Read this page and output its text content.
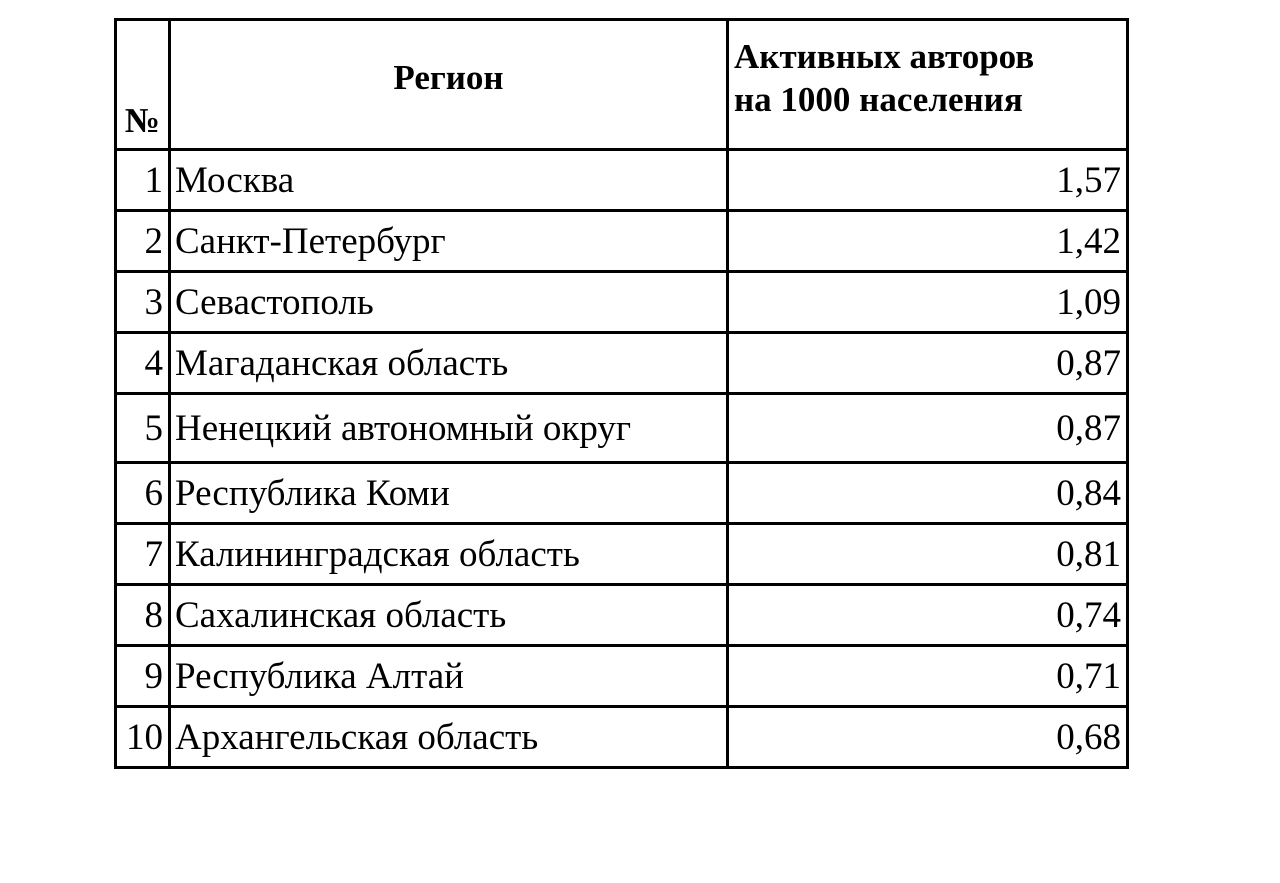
№	Регион	Активных авторов
на 1000 населения
1	Москва	1,57
2	Санкт-Петербург	1,42
3	Севастополь	1,09
4	Магаданская область	0,87
5	Ненецкий автономный округ	0,87
6	Республика Коми	0,84
7	Калининградская область	0,81
8	Сахалинская область	0,74
9	Республика Алтай	0,71
10	Архангельская область	0,68
